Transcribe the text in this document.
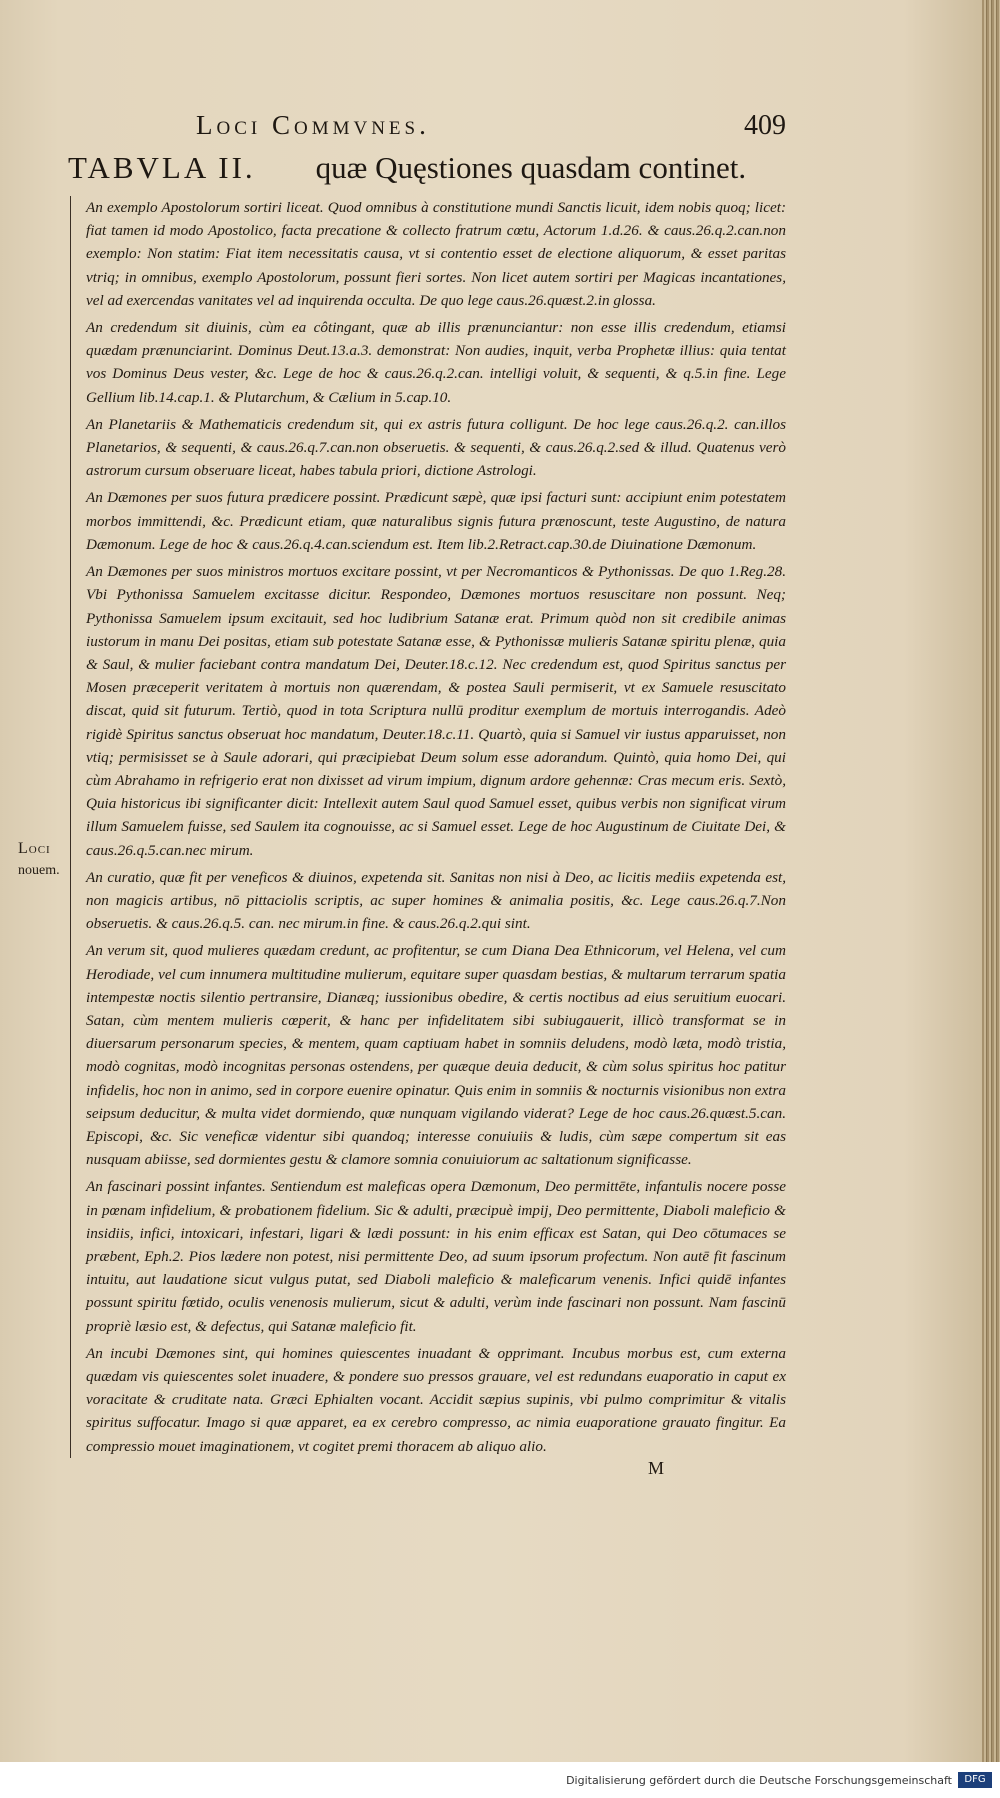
Loci Commvnes.	409
TABVLA II. quæ Quęstiones quasdam continet.
Loci
nouem.

An exemplo Apostolorum sortiri liceat. Quod omnibus à constitutione mundi Sanctis licuit, idem nobis quoq; licet: fiat tamen id modo Apostolico, facta precatione & collecto fratrum cœtu, Actorum 1.d.26. & caus.26.q.2.can.non exemplo: Non statim: Fiat item necessitatis causa, vt si contentio esset de electione aliquorum, & esset paritas vtriq; in omnibus, exemplo Apostolorum, possunt fieri sortes. Non licet autem sortiri per Magicas incantationes, vel ad exercendas vanitates vel ad inquirenda occulta. De quo lege caus.26.quæst.2.in glossa.

An credendum sit diuinis, cùm ea côtingant, quæ ab illis prænunciantur: non esse illis credendum, etiamsi quædam prænunciarint. Dominus Deut.13.a.3. demonstrat: Non audies, inquit, verba Prophetæ illius: quia tentat vos Dominus Deus vester, &c. Lege de hoc & caus.26.q.2.can. intelligi voluit, & sequenti, & q.5.in fine. Lege Gellium lib.14.cap.1. & Plutarchum, & Cælium in 5.cap.10.

An Planetariis & Mathematicis credendum sit, qui ex astris futura colligunt. De hoc lege caus.26.q.2. can.illos Planetarios, & sequenti, & caus.26.q.7.can.non obseruetis. & sequenti, & caus.26.q.2.sed & illud. Quatenus verò astrorum cursum obseruare liceat, habes tabula priori, dictione Astrologi.

An Dæmones per suos futura prædicere possint. Prædicunt sæpè, quæ ipsi facturi sunt: accipiunt enim potestatem morbos immittendi, &c. Prædicunt etiam, quæ naturalibus signis futura prænoscunt, teste Augustino, de natura Dæmonum. Lege de hoc & caus.26.q.4.can.sciendum est. Item lib.2.Retract.cap.30.de Diuinatione Dæmonum.

An Dæmones per suos ministros mortuos excitare possint, vt per Necromanticos & Pythonissas. De quo 1.Reg.28. Vbi Pythonissa Samuelem excitasse dicitur. Respondeo, Dæmones mortuos resuscitare non possunt. Neq; Pythonissa Samuelem ipsum excitauit, sed hoc ludibrium Satanæ erat. Primum quòd non sit credibile animas iustorum in manu Dei positas, etiam sub potestate Satanæ esse, & Pythonissæ mulieris Satanæ spiritu plenæ, quia & Saul, & mulier faciebant contra mandatum Dei, Deuter.18.c.12. Nec credendum est, quod Spiritus sanctus per Mosen præceperit veritatem à mortuis non quærendam, & postea Sauli permiserit, vt ex Samuele resuscitato discat, quid sit futurum. Tertiò, quod in tota Scriptura nullū proditur exemplum de mortuis interrogandis. Adeò rigidè Spiritus sanctus obseruat hoc mandatum, Deuter.18.c.11. Quartò, quia si Samuel vir iustus apparuisset, non vtiq; permisisset se à Saule adorari, qui præcipiebat Deum solum esse adorandum. Quintò, quia homo Dei, qui cùm Abrahamo in refrigerio erat non dixisset ad virum impium, dignum ardore gehennæ: Cras mecum eris. Sextò, Quia historicus ibi significanter dicit: Intellexit autem Saul quod Samuel esset, quibus verbis non significat virum illum Samuelem fuisse, sed Saulem ita cognouisse, ac si Samuel esset. Lege de hoc Augustinum de Ciuitate Dei, & caus.26.q.5.can.nec mirum.

An curatio, quæ fit per veneficos & diuinos, expetenda sit. Sanitas non nisi à Deo, ac licitis mediis expetenda est, non magicis artibus, nō pittaciolis scriptis, ac super homines & animalia positis, &c. Lege caus.26.q.7.Non obseruetis. & caus.26.q.5. can. nec mirum.in fine. & caus.26.q.2.qui sint.

An verum sit, quod mulieres quædam credunt, ac profitentur, se cum Diana Dea Ethnicorum, vel Helena, vel cum Herodiade, vel cum innumera multitudine mulierum, equitare super quasdam bestias, & multarum terrarum spatia intempestæ noctis silentio pertransire, Dianæq; iussionibus obedire, & certis noctibus ad eius seruitium euocari. Satan, cùm mentem mulieris cœperit, & hanc per infidelitatem sibi subiugauerit, illicò transformat se in diuersarum personarum species, & mentem, quam captiuam habet in somniis deludens, modò læta, modò tristia, modò cognitas, modò incognitas personas ostendens, per quæque deuia deducit, & cùm solus spiritus hoc patitur infidelis, hoc non in animo, sed in corpore euenire opinatur. Quis enim in somniis & nocturnis visionibus non extra seipsum deducitur, & multa videt dormiendo, quæ nunquam vigilando viderat? Lege de hoc caus.26.quæst.5.can. Episcopi, &c. Sic veneficæ videntur sibi quandoq; interesse conuiuiis & ludis, cùm sæpe compertum sit eas nusquam abiisse, sed dormientes gestu & clamore somnia conuiuiorum ac saltationum significasse.

An fascinari possint infantes. Sentiendum est maleficas opera Dæmonum, Deo permittēte, infantulis nocere posse in pœnam infidelium, & probationem fidelium. Sic & adulti, præcipuè impij, Deo permittente, Diaboli maleficio & insidiis, infici, intoxicari, infestari, ligari & lædi possunt: in his enim efficax est Satan, qui Deo cōtumaces se præbent, Eph.2. Pios lædere non potest, nisi permittente Deo, ad suum ipsorum profectum. Non autē fit fascinum intuitu, aut laudatione sicut vulgus putat, sed Diaboli maleficio & maleficarum venenis. Infici quidē infantes possunt spiritu fœtido, oculis venenosis mulierum, sicut & adulti, verùm inde fascinari non possunt. Nam fascinū propriè læsio est, & defectus, qui Satanæ maleficio fit.

An incubi Dæmones sint, qui homines quiescentes inuadant & opprimant. Incubus morbus est, cum externa quædam vis quiescentes solet inuadere, & pondere suo pressos grauare, vel est redundans euaporatio in caput ex voracitate & cruditate nata. Græci Ephialten vocant. Accidit sæpius supinis, vbi pulmo comprimitur & vitalis spiritus suffocatur. Imago si quæ apparet, ea ex cerebro compresso, ac nimia euaporatione grauato fingitur. Ea compressio mouet imaginationem, vt cogitet premi thoracem ab aliquo alio.

M
Digitalisierung gefördert durch die Deutsche Forschungsgemeinschaft	DFG
